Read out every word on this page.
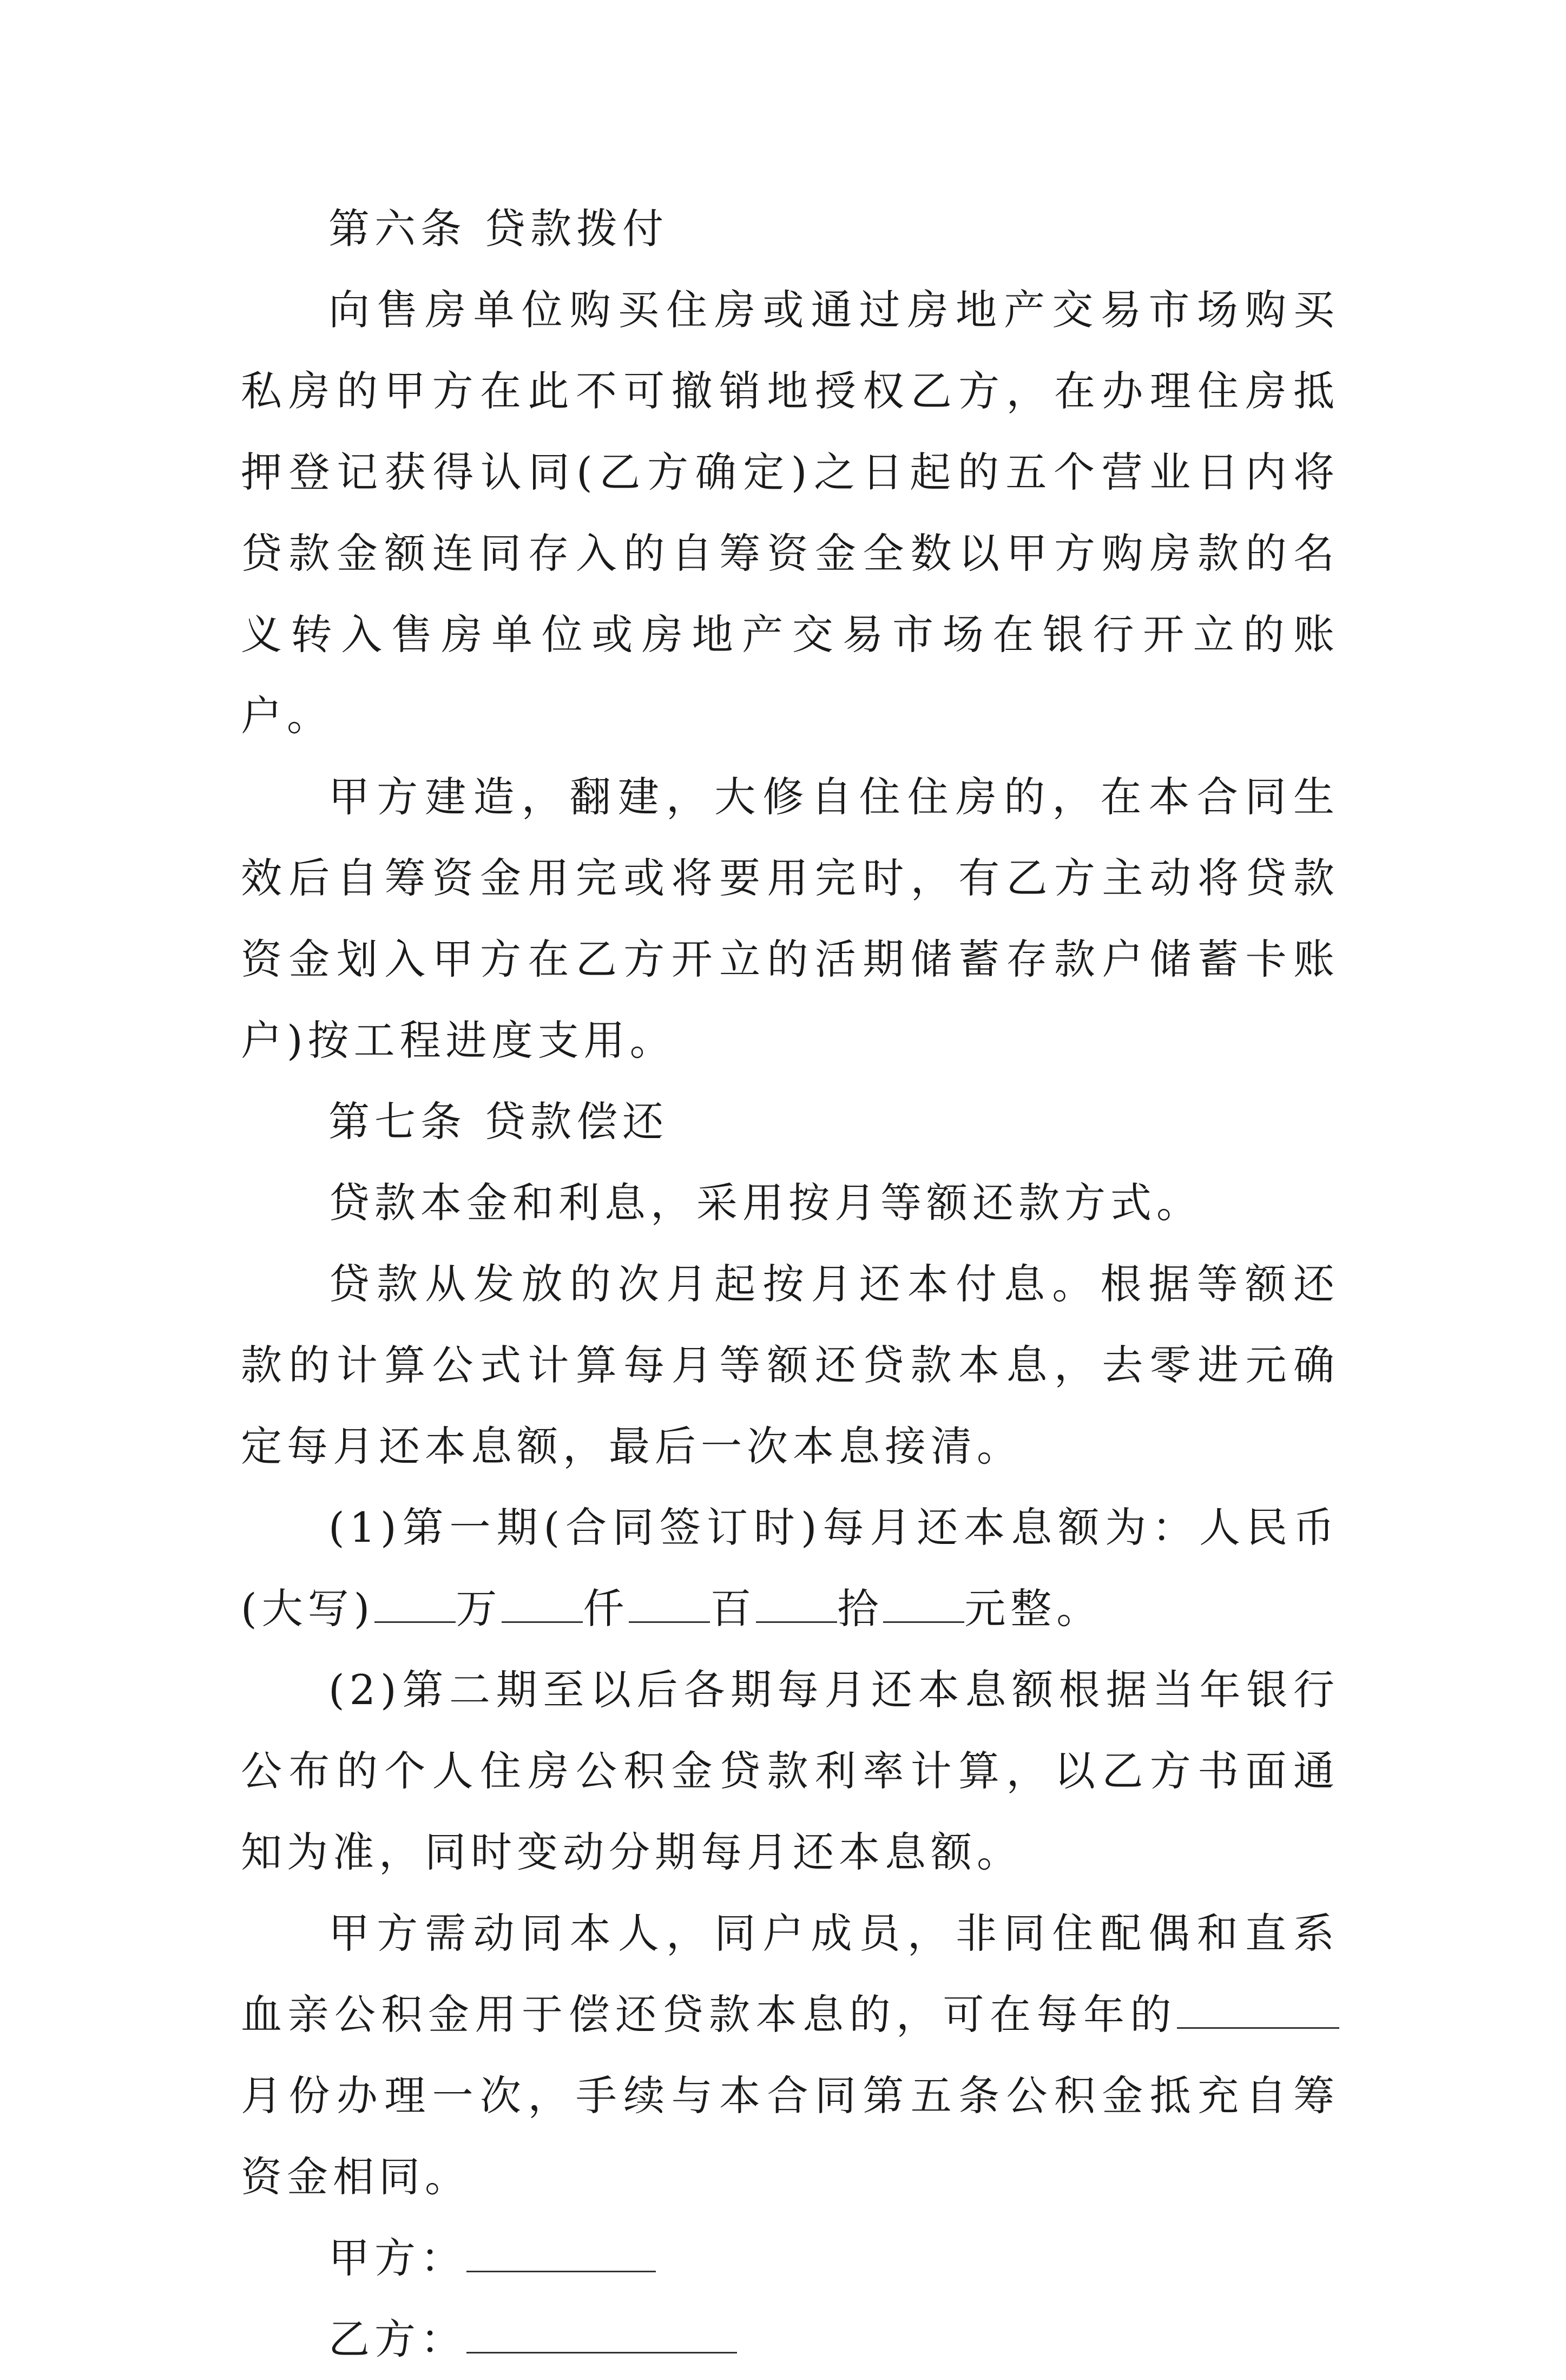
第六条 贷款拨付

向售房单位购买住房或通过房地产交易市场购买私房的甲方在此不可撤销地授权乙方，在办理住房抵押登记获得认同(乙方确定)之日起的五个营业日内将贷款金额连同存入的自筹资金全数以甲方购房款的名义转入售房单位或房地产交易市场在银行开立的账户。

甲方建造，翻建，大修自住住房的，在本合同生效后自筹资金用完或将要用完时，有乙方主动将贷款资金划入甲方在乙方开立的活期储蓄存款户储蓄卡账户)按工程进度支用。

第七条 贷款偿还

贷款本金和利息，采用按月等额还款方式。

贷款从发放的次月起按月还本付息。根据等额还款的计算公式计算每月等额还贷款本息，去零进元确定每月还本息额，最后一次本息接清。

(1)第一期(合同签订时)每月还本息额为：人民币(大写) 万 仟 百 拾 元整。

(2)第二期至以后各期每月还本息额根据当年银行公布的个人住房公积金贷款利率计算，以乙方书面通知为准，同时变动分期每月还本息额。

甲方需动同本人，同户成员，非同住配偶和直系血亲公积金用于偿还贷款本息的，可在每年的月份办理一次，手续与本合同第五条公积金抵充自筹资金相同。

甲方：

乙方：
